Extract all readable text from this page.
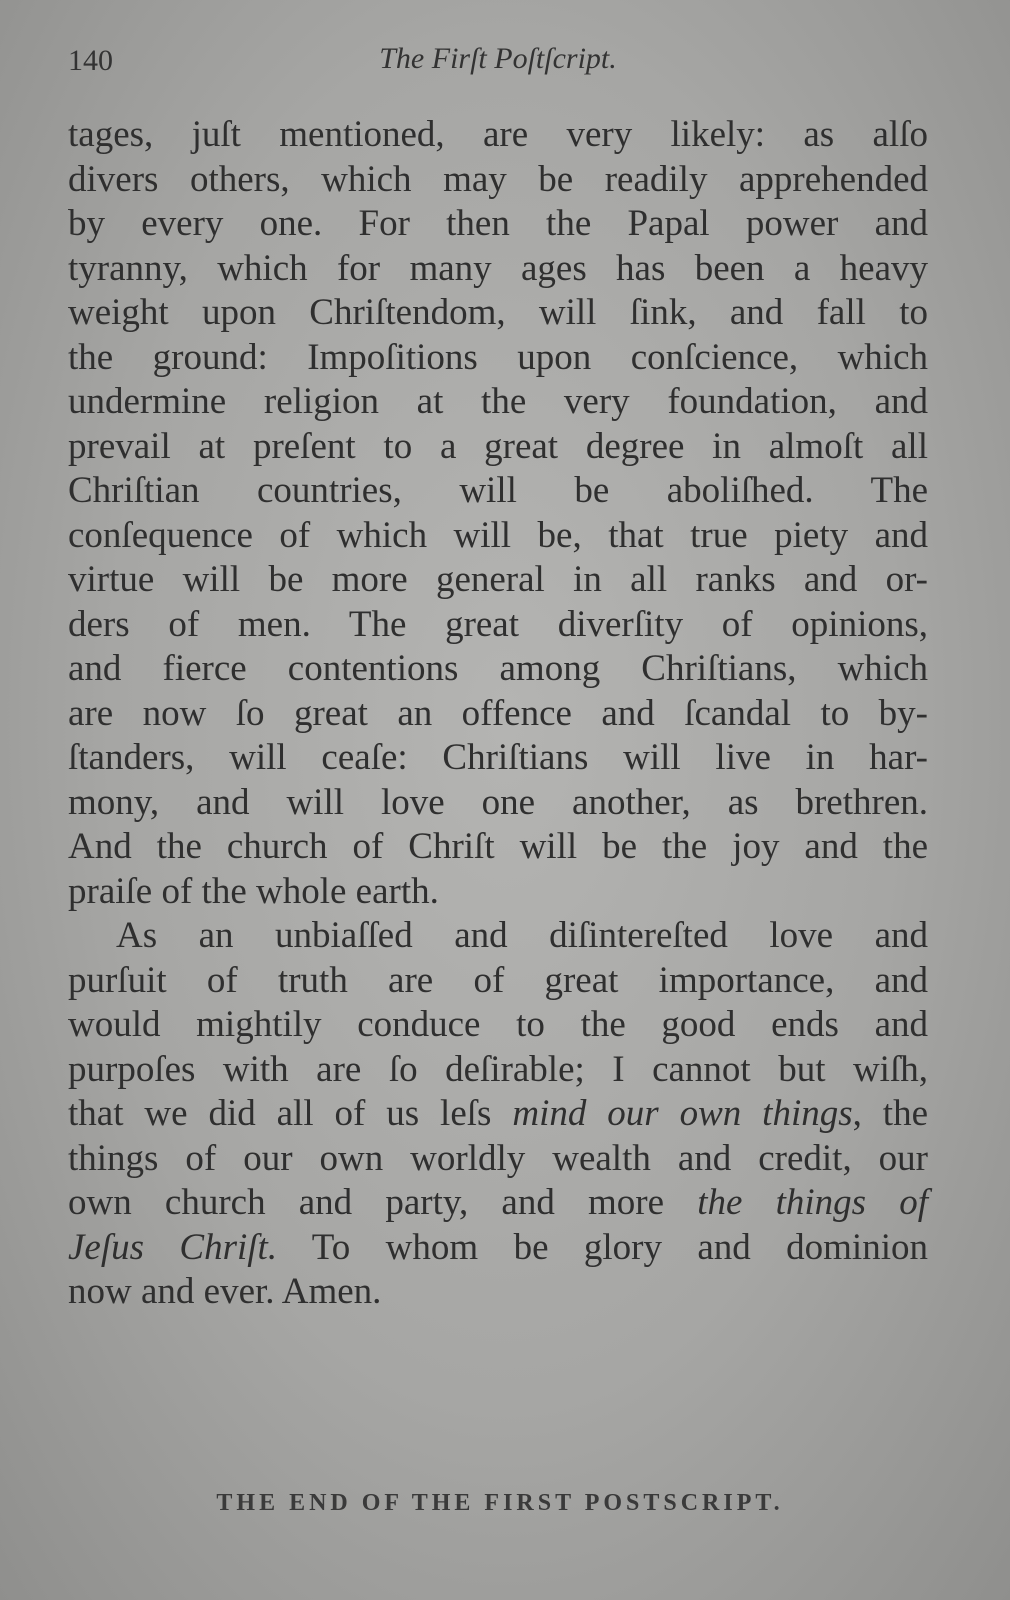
140	The Firſt Poſtſcript.
tages, juſt mentioned, are very likely: as alſo
divers others, which may be readily apprehended
by every one. For then the Papal power and
tyranny, which for many ages has been a heavy
weight upon Chriſtendom, will ſink, and fall to
the ground: Impoſitions upon conſcience, which
undermine religion at the very foundation, and
prevail at preſent to a great degree in almoſt all
Chriſtian countries, will be aboliſhed. The
conſequence of which will be, that true piety and
virtue will be more general in all ranks and or-
ders of men. The great diverſity of opinions,
and fierce contentions among Chriſtians, which
are now ſo great an offence and ſcandal to by-
ſtanders, will ceaſe: Chriſtians will live in har-
mony, and will love one another, as brethren.
And the church of Chriſt will be the joy and the
praiſe of the whole earth.
As an unbiaſſed and diſintereſted love and
purſuit of truth are of great importance, and
would mightily conduce to the good ends and
purpoſes with are ſo deſirable; I cannot but wiſh,
that we did all of us leſs mind our own things, the
things of our own worldly wealth and credit, our
own church and party, and more the things of
Jeſus Chriſt. To whom be glory and dominion
now and ever. Amen.
THE END OF THE FIRST POSTSCRIPT.
